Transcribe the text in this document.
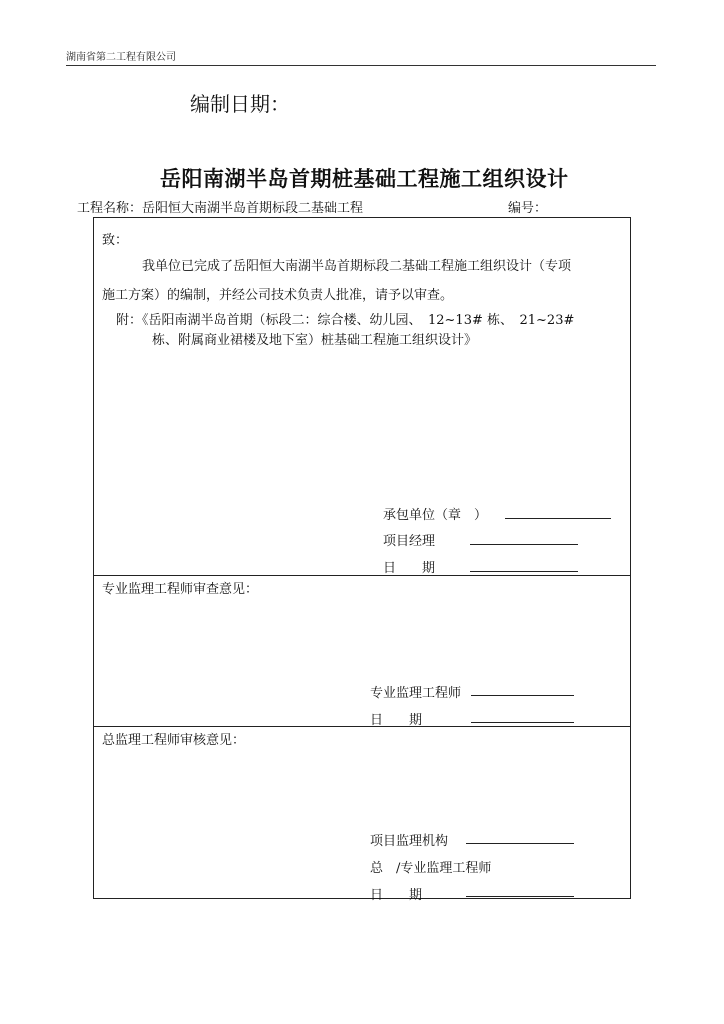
湖南省第二工程有限公司
编制日期：
岳阳南湖半岛首期桩基础工程施工组织设计
工程名称：岳阳恒大南湖半岛首期标段二基础工程	编号：
致：
我单位已完成了岳阳恒大南湖半岛首期标段二基础工程施工组织设计（专项
施工方案）的编制，并经公司技术负责人批准，请予以审查。
附：《岳阳南湖半岛首期（标段二：综合楼、幼儿园、　12~13# 栋、　21~23#
栋、附属商业裙楼及地下室）桩基础工程施工组织设计》
承包单位（章　）
项目经理
日　　期
专业监理工程师审查意见：
专业监理工程师
日　　期
总监理工程师审核意见：
项目监理机构
总　/专业监理工程师
日　　期
